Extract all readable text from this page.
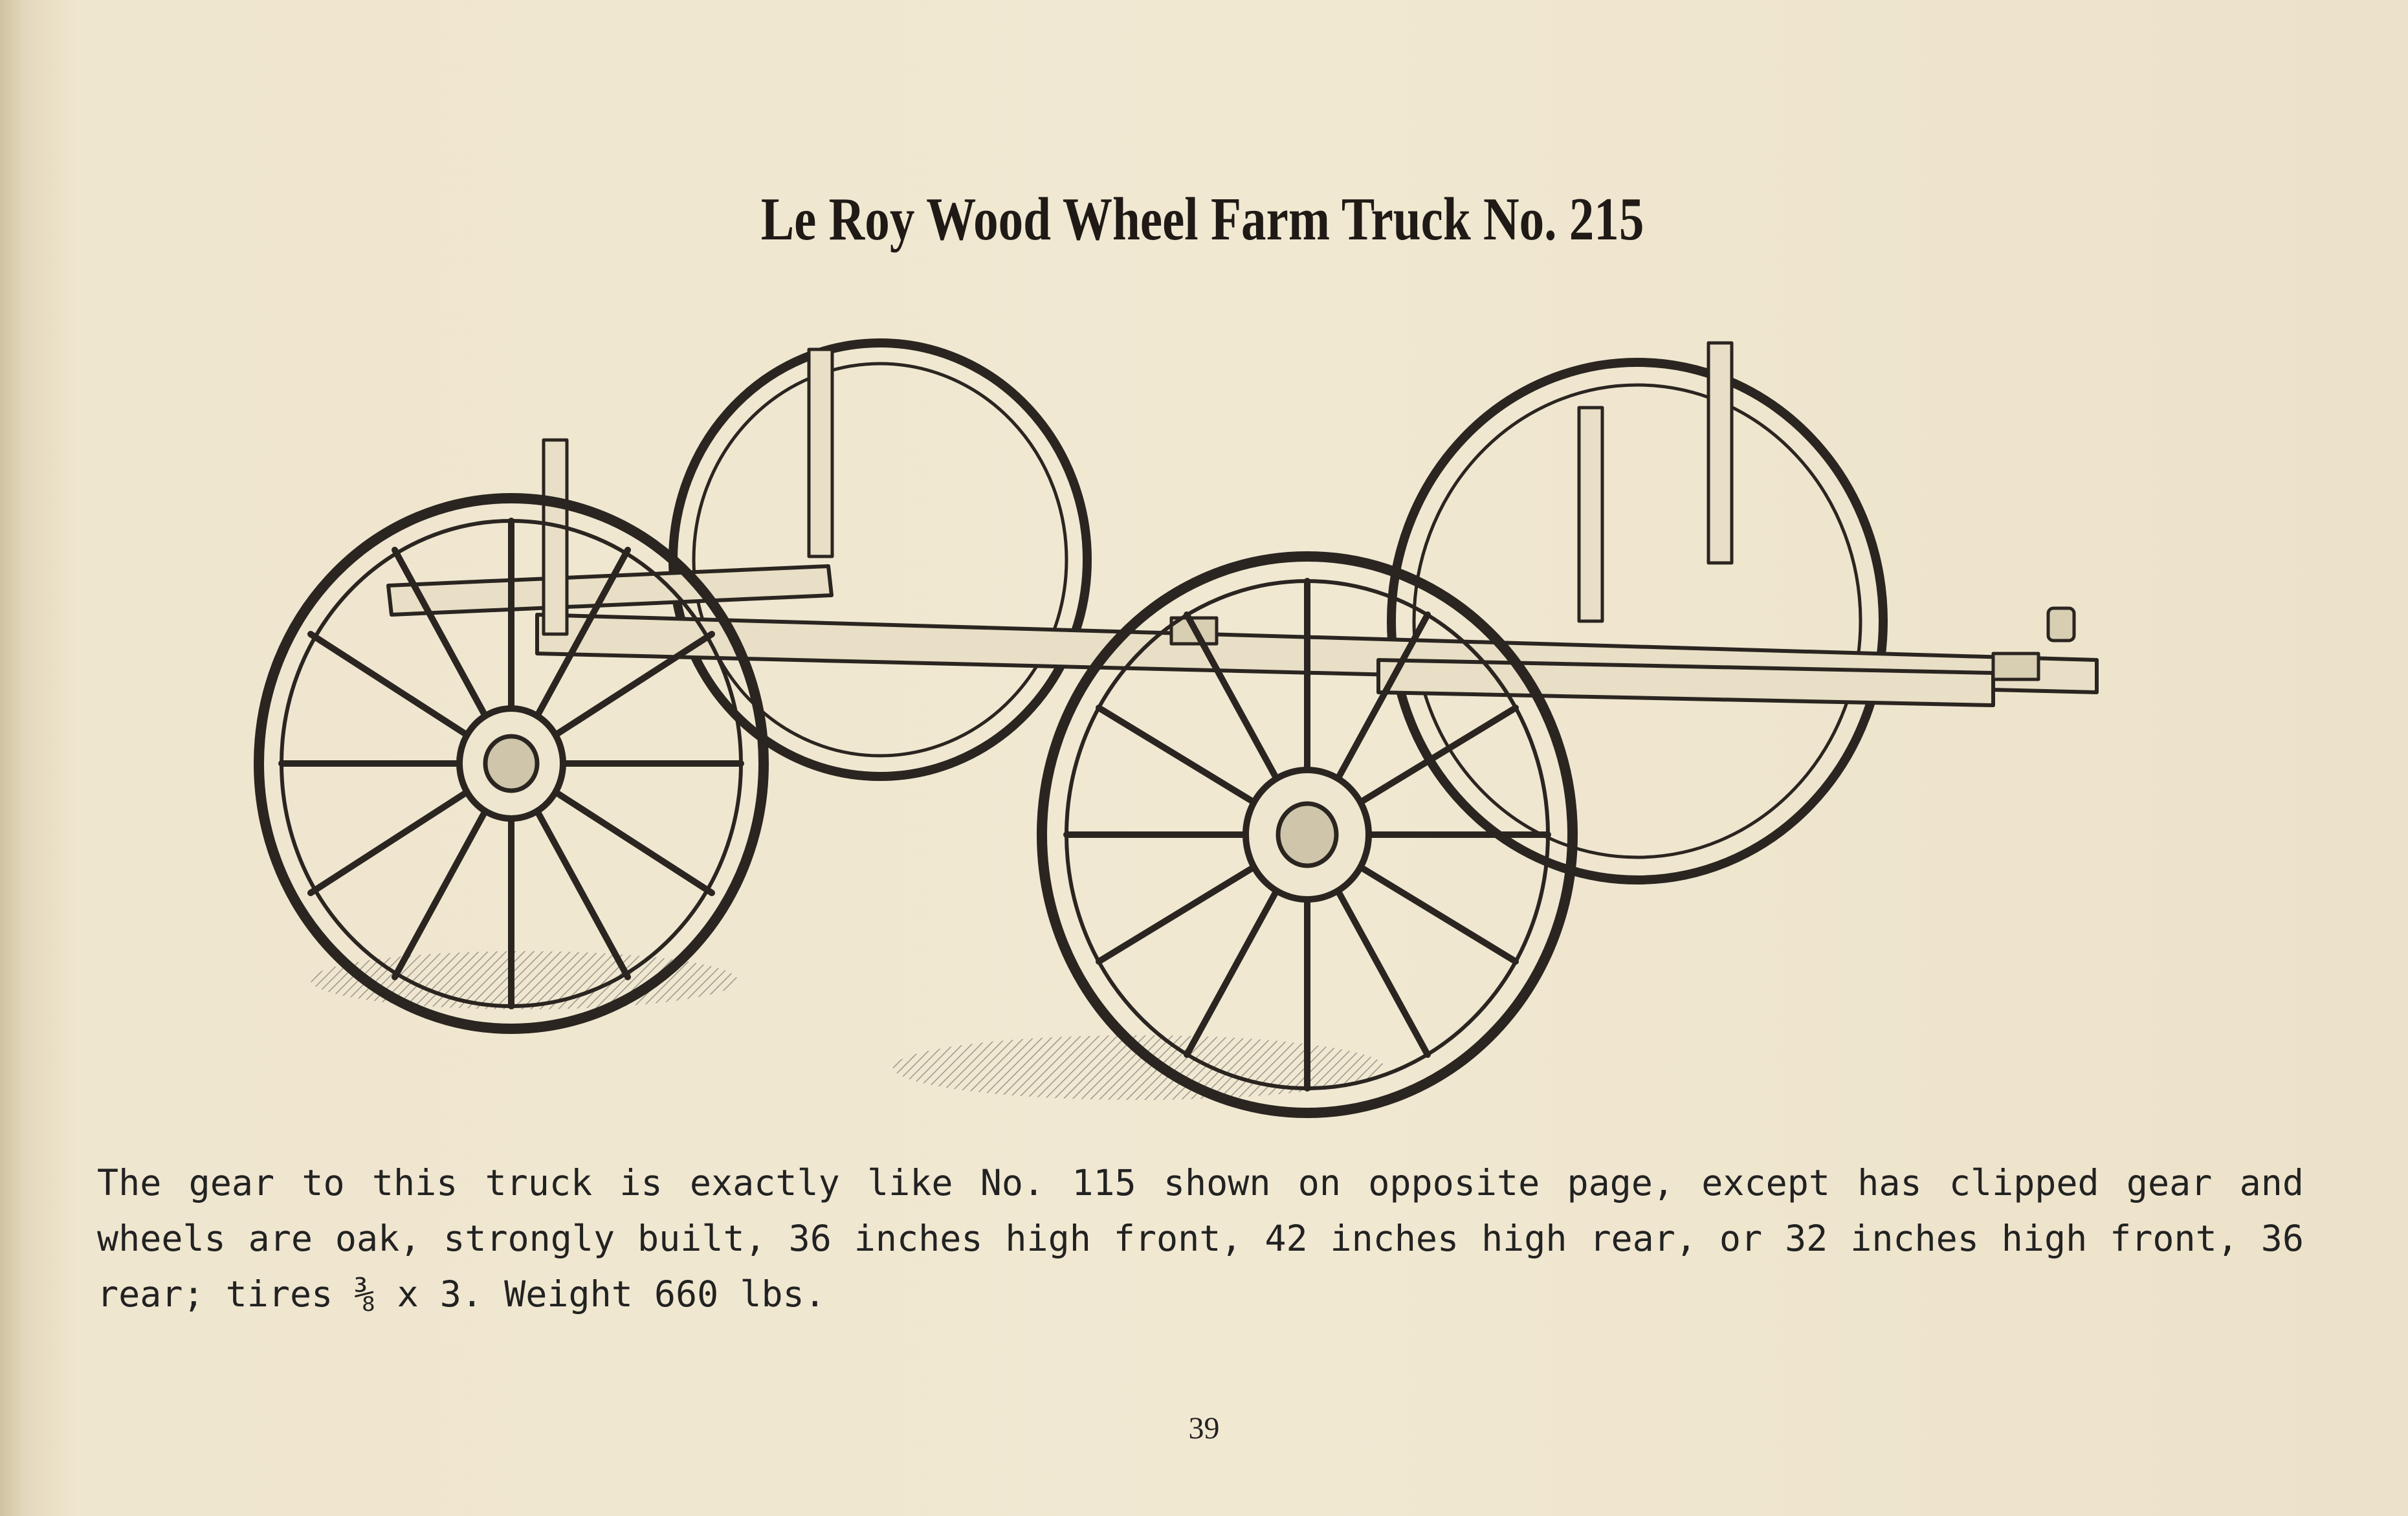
Le Roy Wood Wheel Farm Truck No. 215

The gear to this truck is exactly like No. 115 shown on opposite page, except has clipped gear and wheels are oak, strongly built, 36 inches high front, 42 inches high rear, or 32 inches high front, 36 rear; tires ⅜ x 3. Weight 660 lbs.

39
